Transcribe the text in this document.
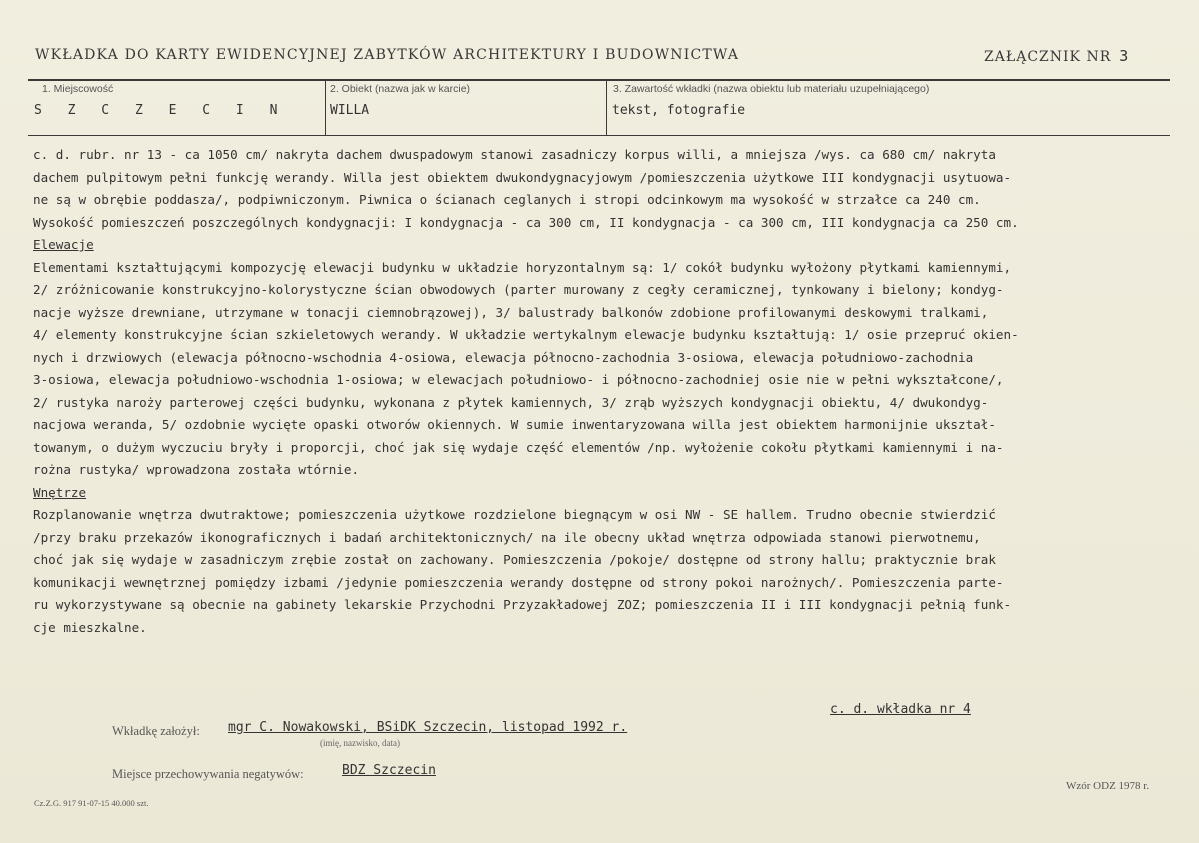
WKŁADKA DO KARTY EWIDENCYJNEJ ZABYTKÓW ARCHITEKTURY I BUDOWNICTWA	ZAŁĄCZNIK NR 3
1. Miejscowość
S Z C Z E C I N
2. Obiekt (nazwa jak w karcie)
WILLA
3. Zawartość wkładki (nazwa obiektu lub materiału uzupełniającego)
tekst, fotografie
c. d. rubr. nr 13 - ca 1050 cm/ nakryta dachem dwuspadowym stanowi zasadniczy korpus willi, a mniejsza /wys. ca 680 cm/ nakryta
dachem pulpitowym pełni funkcję werandy. Willa jest obiektem dwukondygnacyjowym /pomieszczenia użytkowe III kondygnacji usytuowa-
ne są w obrębie poddasza/, podpiwniczonym. Piwnica o ścianach ceglanych i stropi odcinkowym ma wysokość w strzałce ca 240 cm.
Wysokość pomieszczeń poszczególnych kondygnacji: I kondygnacja - ca 300 cm, II kondygnacja - ca 300 cm, III kondygnacja ca 250 cm.
Elewacje
Elementami kształtującymi kompozycję elewacji budynku w układzie horyzontalnym są: 1/ cokół budynku wyłożony płytkami kamiennymi,
2/ zróżnicowanie konstrukcyjno-kolorystyczne ścian obwodowych (parter murowany z cegły ceramicznej, tynkowany i bielony; kondyg-
nacje wyższe drewniane, utrzymane w tonacji ciemnobrązowej), 3/ balustrady balkonów zdobione profilowanymi deskowymi tralkami,
4/ elementy konstrukcyjne ścian szkieletowych werandy. W układzie wertykalnym elewacje budynku kształtują: 1/ osie przepruć okien-
nych i drzwiowych (elewacja północno-wschodnia 4-osiowa, elewacja północno-zachodnia 3-osiowa, elewacja południowo-zachodnia
3-osiowa, elewacja południowo-wschodnia 1-osiowa; w elewacjach południowo- i północno-zachodniej osie nie w pełni wykształcone/,
2/ rustyka naroży parterowej części budynku, wykonana z płytek kamiennych, 3/ zrąb wyższych kondygnacji obiektu, 4/ dwukondyg-
nacjowa weranda, 5/ ozdobnie wycięte opaski otworów okiennych. W sumie inwentaryzowana willa jest obiektem harmonijnie ukształ-
towanym, o dużym wyczuciu bryły i proporcji, choć jak się wydaje część elementów /np. wyłożenie cokołu płytkami kamiennymi i na-
rożna rustyka/ wprowadzona została wtórnie.
Wnętrze
Rozplanowanie wnętrza dwutraktowe; pomieszczenia użytkowe rozdzielone biegnącym w osi NW - SE hallem. Trudno obecnie stwierdzić
/przy braku przekazów ikonograficznych i badań architektonicznych/ na ile obecny układ wnętrza odpowiada stanowi pierwotnemu,
choć jak się wydaje w zasadniczym zrębie został on zachowany. Pomieszczenia /pokoje/ dostępne od strony hallu; praktycznie brak
komunikacji wewnętrznej pomiędzy izbami /jedynie pomieszczenia werandy dostępne od strony pokoi narożnych/. Pomieszczenia parte-
ru wykorzystywane są obecnie na gabinety lekarskie Przychodni Przyzakładowej ZOZ; pomieszczenia II i III kondygnacji pełnią funk-
cje mieszkalne.
c. d. wkładka nr 4
Wkładkę założył: mgr C. Nowakowski, BSiDK Szczecin, listopad 1992 r.
(imię, nazwisko, data)
Miejsce przechowywania negatywów:	BDZ Szczecin
Cz.Z.G. 917 91-07-15 40.000 szt.
Wzór ODZ 1978 r.
